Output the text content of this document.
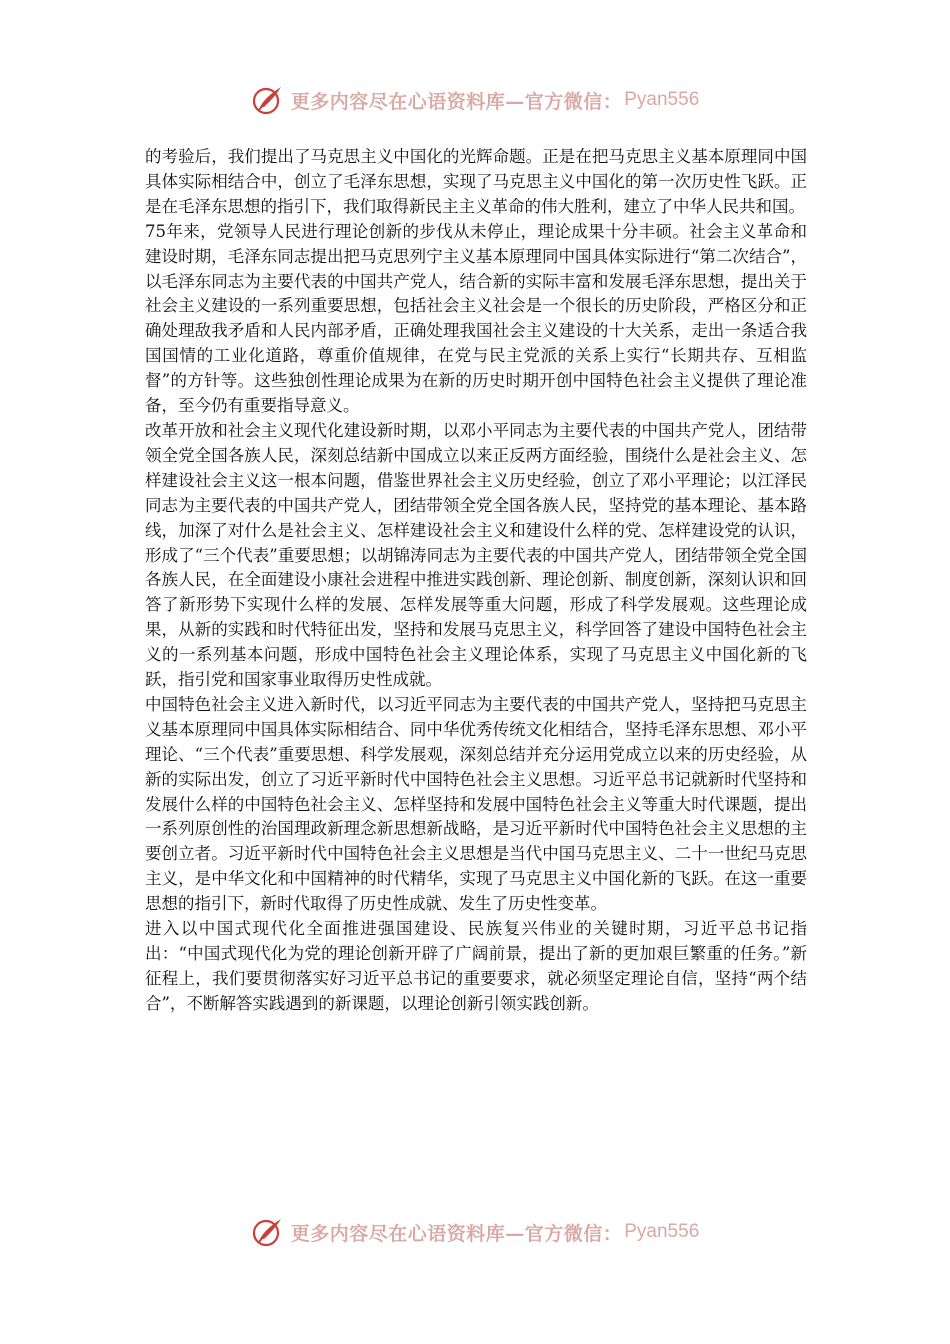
更多内容尽在心语资料库—官方微信： Pyan556

的考验后，我们提出了马克思主义中国化的光辉命题。正是在把马克思主义基本原理同中国具体实际相结合中，创立了毛泽东思想，实现了马克思主义中国化的第一次历史性飞跃。正是在毛泽东思想的指引下，我们取得新民主主义革命的伟大胜利，建立了中华人民共和国。

75年来，党领导人民进行理论创新的步伐从未停止，理论成果十分丰硕。社会主义革命和建设时期，毛泽东同志提出把马克思列宁主义基本原理同中国具体实际进行“第二次结合”，以毛泽东同志为主要代表的中国共产党人，结合新的实际丰富和发展毛泽东思想，提出关于社会主义建设的一系列重要思想，包括社会主义社会是一个很长的历史阶段，严格区分和正确处理敌我矛盾和人民内部矛盾，正确处理我国社会主义建设的十大关系，走出一条适合我国国情的工业化道路，尊重价值规律，在党与民主党派的关系上实行“长期共存、互相监督”的方针等。这些独创性理论成果为在新的历史时期开创中国特色社会主义提供了理论准备，至今仍有重要指导意义。

改革开放和社会主义现代化建设新时期，以邓小平同志为主要代表的中国共产党人，团结带领全党全国各族人民，深刻总结新中国成立以来正反两方面经验，围绕什么是社会主义、怎样建设社会主义这一根本问题，借鉴世界社会主义历史经验，创立了邓小平理论；以江泽民同志为主要代表的中国共产党人，团结带领全党全国各族人民，坚持党的基本理论、基本路线，加深了对什么是社会主义、怎样建设社会主义和建设什么样的党、怎样建设党的认识，形成了“三个代表”重要思想；以胡锦涛同志为主要代表的中国共产党人，团结带领全党全国各族人民，在全面建设小康社会进程中推进实践创新、理论创新、制度创新，深刻认识和回答了新形势下实现什么样的发展、怎样发展等重大问题，形成了科学发展观。这些理论成果，从新的实践和时代特征出发，坚持和发展马克思主义，科学回答了建设中国特色社会主义的一系列基本问题，形成中国特色社会主义理论体系，实现了马克思主义中国化新的飞跃，指引党和国家事业取得历史性成就。

中国特色社会主义进入新时代，以习近平同志为主要代表的中国共产党人，坚持把马克思主义基本原理同中国具体实际相结合、同中华优秀传统文化相结合，坚持毛泽东思想、邓小平理论、“三个代表”重要思想、科学发展观，深刻总结并充分运用党成立以来的历史经验，从新的实际出发，创立了习近平新时代中国特色社会主义思想。习近平总书记就新时代坚持和发展什么样的中国特色社会主义、怎样坚持和发展中国特色社会主义等重大时代课题，提出一系列原创性的治国理政新理念新思想新战略，是习近平新时代中国特色社会主义思想的主要创立者。习近平新时代中国特色社会主义思想是当代中国马克思主义、二十一世纪马克思主义，是中华文化和中国精神的时代精华，实现了马克思主义中国化新的飞跃。在这一重要思想的指引下，新时代取得了历史性成就、发生了历史性变革。

进入以中国式现代化全面推进强国建设、民族复兴伟业的关键时期，习近平总书记指出：“中国式现代化为党的理论创新开辟了广阔前景，提出了新的更加艰巨繁重的任务。”新征程上，我们要贯彻落实好习近平总书记的重要要求，就必须坚定理论自信，坚持“两个结合”，不断解答实践遇到的新课题，以理论创新引领实践创新。

更多内容尽在心语资料库—官方微信： Pyan556
